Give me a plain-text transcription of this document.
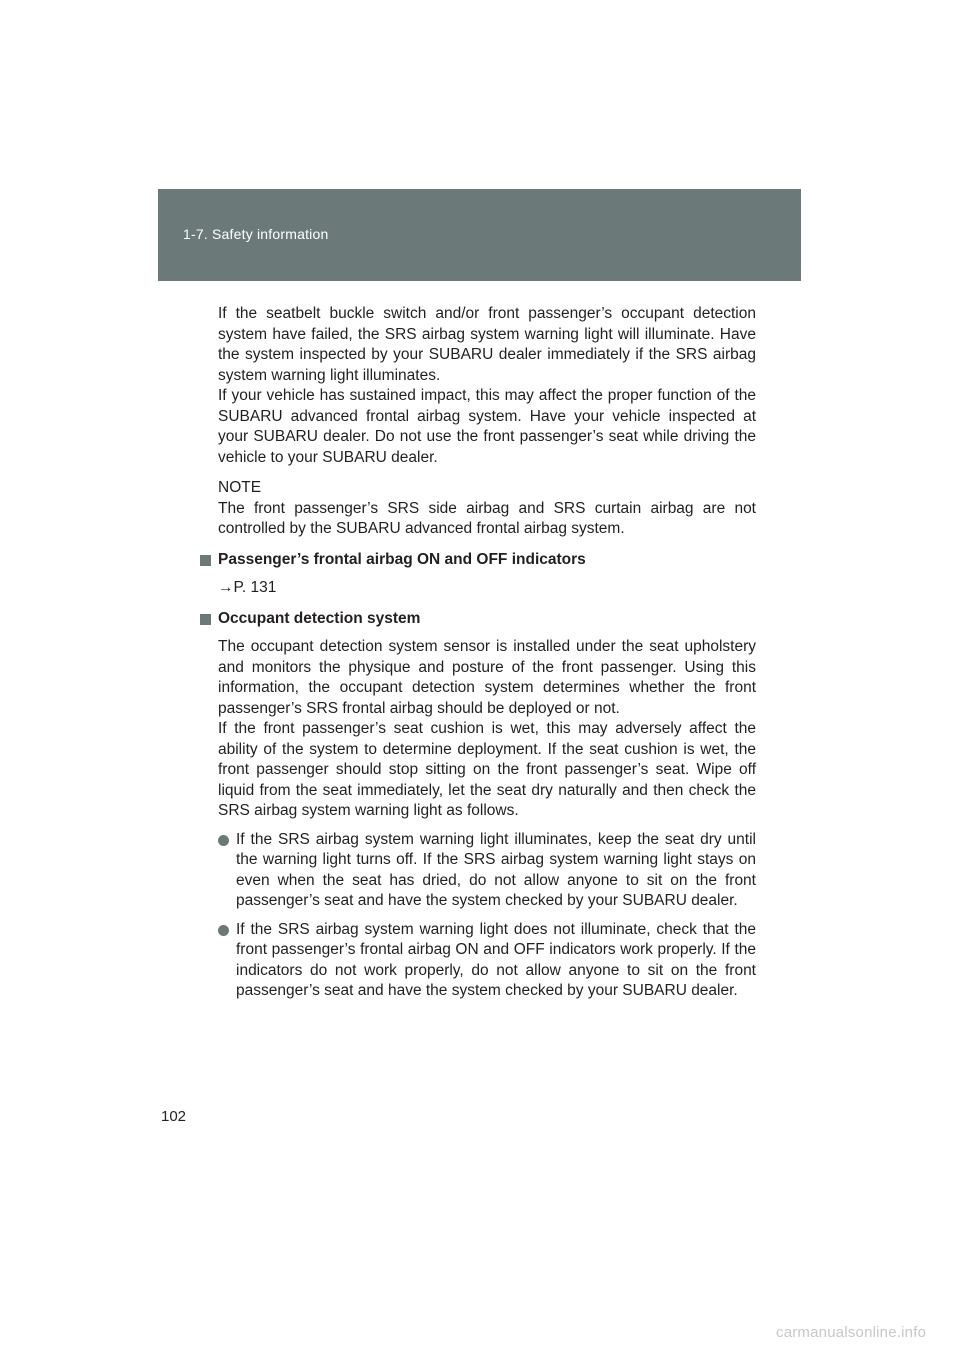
1-7. Safety information

If the seatbelt buckle switch and/or front passenger’s occupant detection system have failed, the SRS airbag system warning light will illuminate. Have the system inspected by your SUBARU dealer immediately if the SRS airbag system warning light illuminates.

If your vehicle has sustained impact, this may affect the proper function of the SUBARU advanced frontal airbag system. Have your vehicle inspected at your SUBARU dealer. Do not use the front passenger’s seat while driving the vehicle to your SUBARU dealer.

NOTE

The front passenger’s SRS side airbag and SRS curtain airbag are not controlled by the SUBARU advanced frontal airbag system.

Passenger’s frontal airbag ON and OFF indicators

→P. 131

Occupant detection system

The occupant detection system sensor is installed under the seat upholstery and monitors the physique and posture of the front passenger. Using this information, the occupant detection system determines whether the front passenger’s SRS frontal airbag should be deployed or not.

If the front passenger’s seat cushion is wet, this may adversely affect the ability of the system to determine deployment. If the seat cushion is wet, the front passenger should stop sitting on the front passenger’s seat. Wipe off liquid from the seat immediately, let the seat dry naturally and then check the SRS airbag system warning light as follows.

If the SRS airbag system warning light illuminates, keep the seat dry until the warning light turns off. If the SRS airbag system warning light stays on even when the seat has dried, do not allow anyone to sit on the front passenger’s seat and have the system checked by your SUBARU dealer.
If the SRS airbag system warning light does not illuminate, check that the front passenger’s frontal airbag ON and OFF indicators work properly. If the indicators do not work properly, do not allow anyone to sit on the front passenger’s seat and have the system checked by your SUBARU dealer.
102
carmanualsonline.info
